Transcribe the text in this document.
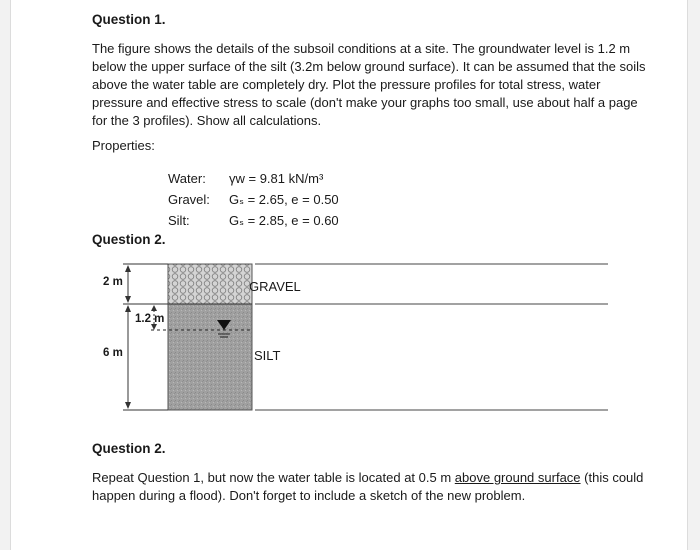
Question 1.
The figure shows the details of the subsoil conditions at a site. The groundwater level is 1.2 m below the upper surface of the silt (3.2m below ground surface). It can be assumed that the soils above the water table are completely dry. Plot the pressure profiles for total stress, water pressure and effective stress to scale (don't make your graphs too small, use about half a page for the 3 profiles). Show all calculations.
Properties:
Water: γw = 9.81 kN/m³
Gravel: Gₛ = 2.65, e = 0.50
Silt:	Gₛ = 2.85, e = 0.60
Question 2.
2 m
1.2 m
6 m
GRAVEL
SILT
Question 2.
Repeat Question 1, but now the water table is located at 0.5 m above ground surface (this could happen during a flood). Don't forget to include a sketch of the new problem.
